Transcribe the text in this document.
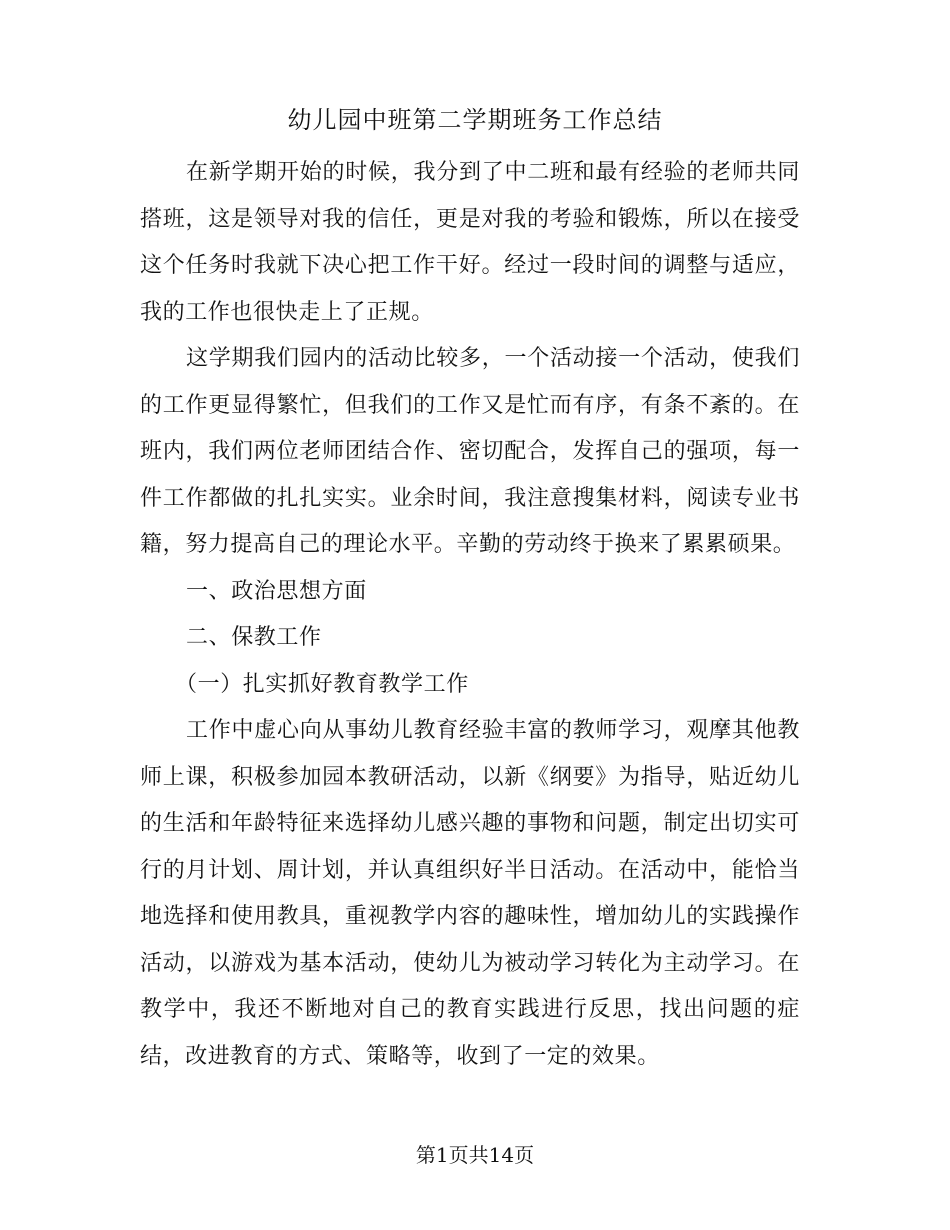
幼儿园中班第二学期班务工作总结

在新学期开始的时候，我分到了中二班和最有经验的老师共同搭班，这是领导对我的信任，更是对我的考验和锻炼，所以在接受这个任务时我就下决心把工作干好。经过一段时间的调整与适应，我的工作也很快走上了正规。

这学期我们园内的活动比较多，一个活动接一个活动，使我们的工作更显得繁忙，但我们的工作又是忙而有序，有条不紊的。在班内，我们两位老师团结合作、密切配合，发挥自己的强项，每一件工作都做的扎扎实实。业余时间，我注意搜集材料，阅读专业书籍，努力提高自己的理论水平。辛勤的劳动终于换来了累累硕果。

一、政治思想方面

二、保教工作

（一）扎实抓好教育教学工作

工作中虚心向从事幼儿教育经验丰富的教师学习，观摩其他教师上课，积极参加园本教研活动，以新《纲要》为指导，贴近幼儿的生活和年龄特征来选择幼儿感兴趣的事物和问题，制定出切实可行的月计划、周计划，并认真组织好半日活动。在活动中，能恰当地选择和使用教具，重视教学内容的趣味性，增加幼儿的实践操作活动，以游戏为基本活动，使幼儿为被动学习转化为主动学习。在教学中，我还不断地对自己的教育实践进行反思，找出问题的症结，改进教育的方式、策略等，收到了一定的效果。

第1页共14页
